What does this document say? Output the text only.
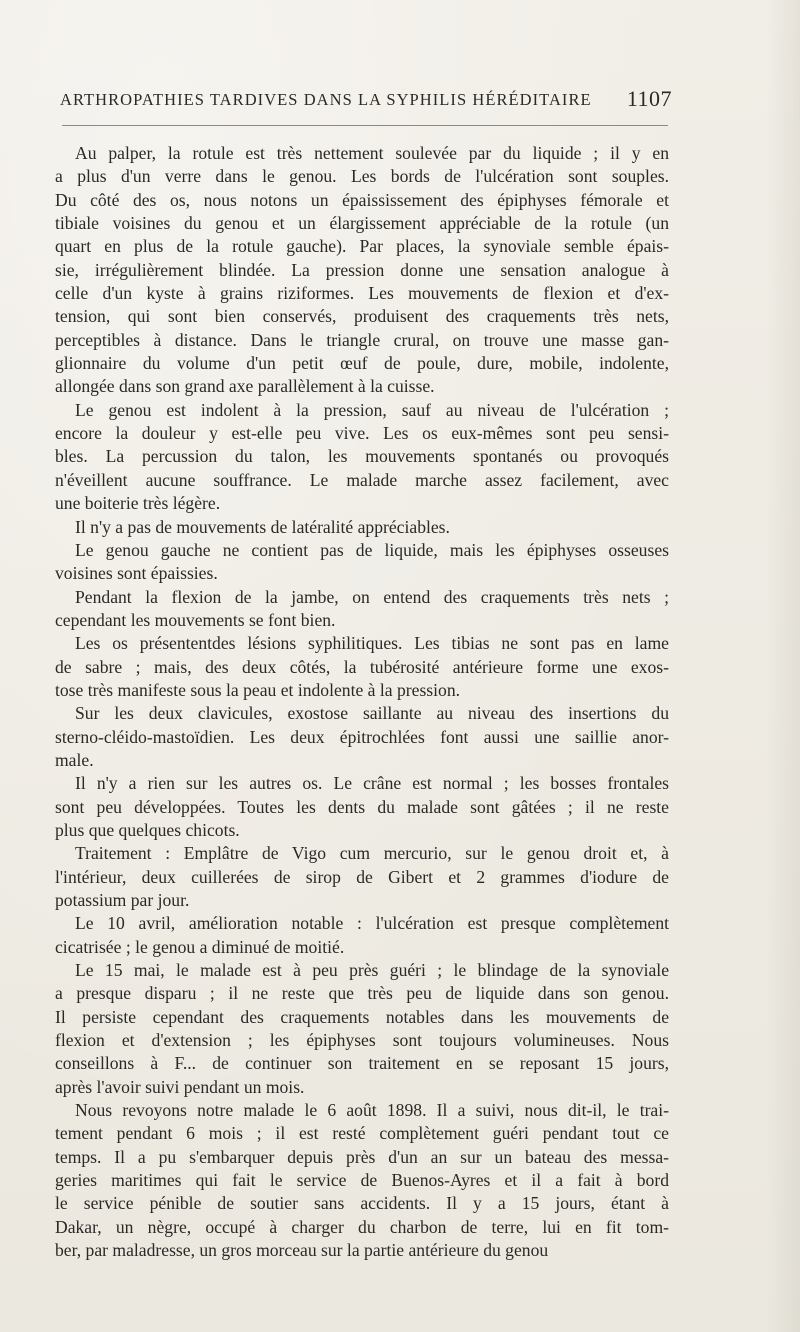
ARTHROPATHIES TARDIVES DANS LA SYPHILIS HÉRÉDITAIRE 1107
Au palper, la rotule est très nettement soulevée par du liquide ; il y en
a plus d'un verre dans le genou. Les bords de l'ulcération sont souples.
Du côté des os, nous notons un épaississement des épiphyses fémorale et
tibiale voisines du genou et un élargissement appréciable de la rotule (un
quart en plus de la rotule gauche). Par places, la synoviale semble épais-
sie, irrégulièrement blindée. La pression donne une sensation analogue à
celle d'un kyste à grains riziformes. Les mouvements de flexion et d'ex-
tension, qui sont bien conservés, produisent des craquements très nets,
perceptibles à distance. Dans le triangle crural, on trouve une masse gan-
glionnaire du volume d'un petit œuf de poule, dure, mobile, indolente,
allongée dans son grand axe parallèlement à la cuisse.
Le genou est indolent à la pression, sauf au niveau de l'ulcération ;
encore la douleur y est-elle peu vive. Les os eux-mêmes sont peu sensi-
bles. La percussion du talon, les mouvements spontanés ou provoqués
n'éveillent aucune souffrance. Le malade marche assez facilement, avec
une boiterie très légère.
Il n'y a pas de mouvements de latéralité appréciables.
Le genou gauche ne contient pas de liquide, mais les épiphyses osseuses
voisines sont épaissies.
Pendant la flexion de la jambe, on entend des craquements très nets ;
cependant les mouvements se font bien.
Les os présententdes lésions syphilitiques. Les tibias ne sont pas en lame
de sabre ; mais, des deux côtés, la tubérosité antérieure forme une exos-
tose très manifeste sous la peau et indolente à la pression.
Sur les deux clavicules, exostose saillante au niveau des insertions du
sterno-cléido-mastoïdien. Les deux épitrochlées font aussi une saillie anor-
male.
Il n'y a rien sur les autres os. Le crâne est normal ; les bosses frontales
sont peu développées. Toutes les dents du malade sont gâtées ; il ne reste
plus que quelques chicots.
Traitement : Emplâtre de Vigo cum mercurio, sur le genou droit et, à
l'intérieur, deux cuillerées de sirop de Gibert et 2 grammes d'iodure de
potassium par jour.
Le 10 avril, amélioration notable : l'ulcération est presque complètement
cicatrisée ; le genou a diminué de moitié.
Le 15 mai, le malade est à peu près guéri ; le blindage de la synoviale
a presque disparu ; il ne reste que très peu de liquide dans son genou.
Il persiste cependant des craquements notables dans les mouvements de
flexion et d'extension ; les épiphyses sont toujours volumineuses. Nous
conseillons à F... de continuer son traitement en se reposant 15 jours,
après l'avoir suivi pendant un mois.
Nous revoyons notre malade le 6 août 1898. Il a suivi, nous dit-il, le trai-
tement pendant 6 mois ; il est resté complètement guéri pendant tout ce
temps. Il a pu s'embarquer depuis près d'un an sur un bateau des messa-
geries maritimes qui fait le service de Buenos-Ayres et il a fait à bord
le service pénible de soutier sans accidents. Il y a 15 jours, étant à
Dakar, un nègre, occupé à charger du charbon de terre, lui en fit tom-
ber, par maladresse, un gros morceau sur la partie antérieure du genou
